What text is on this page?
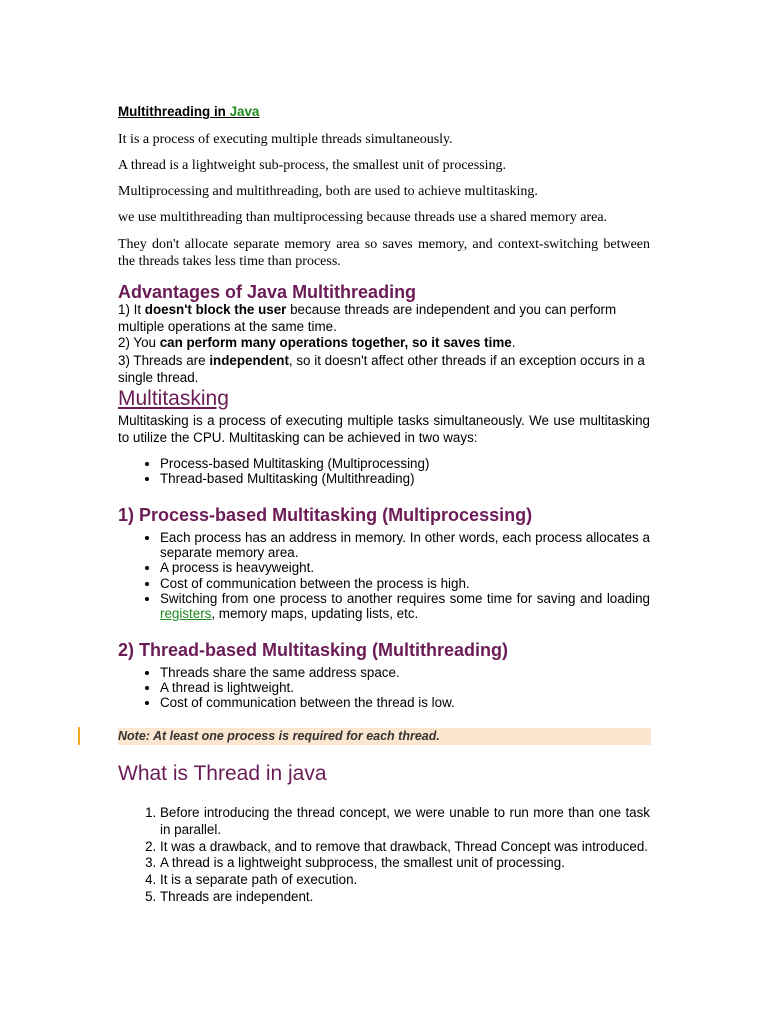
Multithreading in Java

It is a process of executing multiple threads simultaneously.

A thread is a lightweight sub-process, the smallest unit of processing.

Multiprocessing and multithreading, both are used to achieve multitasking.

we use multithreading than multiprocessing because threads use a shared memory area.

They don't allocate separate memory area so saves memory, and context-switching between the threads takes less time than process.

Advantages of Java Multithreading

1) It doesn't block the user because threads are independent and you can perform multiple operations at the same time.

2) You can perform many operations together, so it saves time.

3) Threads are independent, so it doesn't affect other threads if an exception occurs in a single thread.

Multitasking

Multitasking is a process of executing multiple tasks simultaneously. We use multitasking to utilize the CPU. Multitasking can be achieved in two ways:

• Process-based Multitasking (Multiprocessing)
• Thread-based Multitasking (Multithreading)
1) Process-based Multitasking (Multiprocessing)
• Each process has an address in memory. In other words, each process allocates a separate memory area.
• A process is heavyweight.
• Cost of communication between the process is high.
• Switching from one process to another requires some time for saving and loading registers, memory maps, updating lists, etc.
2) Thread-based Multitasking (Multithreading)
• Threads share the same address space.
• A thread is lightweight.
• Cost of communication between the thread is low.
Note: At least one process is required for each thread.
What is Thread in java
1. Before introducing the thread concept, we were unable to run more than one task in parallel.
2. It was a drawback, and to remove that drawback, Thread Concept was introduced.
3. A thread is a lightweight subprocess, the smallest unit of processing.
4. It is a separate path of execution.
5. Threads are independent.
